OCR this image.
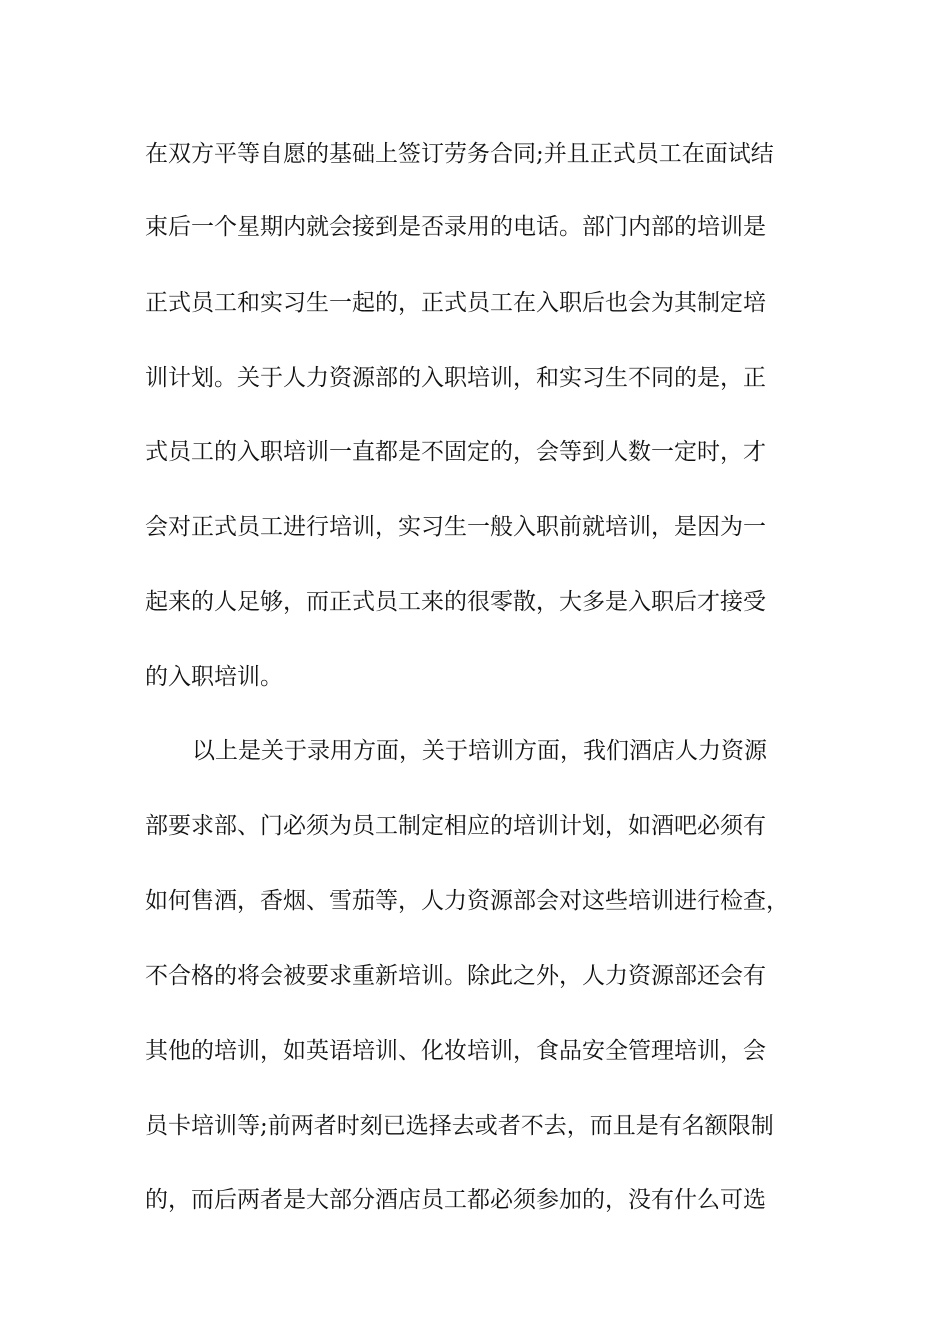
在双方平等自愿的基础上签订劳务合同;并且正式员工在面试结
束后一个星期内就会接到是否录用的电话。部门内部的培训是
正式员工和实习生一起的，正式员工在入职后也会为其制定培
训计划。关于人力资源部的入职培训，和实习生不同的是，正
式员工的入职培训一直都是不固定的，会等到人数一定时，才
会对正式员工进行培训，实习生一般入职前就培训，是因为一
起来的人足够，而正式员工来的很零散，大多是入职后才接受
的入职培训。
以上是关于录用方面，关于培训方面，我们酒店人力资源
部要求部、门必须为员工制定相应的培训计划，如酒吧必须有
如何售酒，香烟、雪茄等，人力资源部会对这些培训进行检查，
不合格的将会被要求重新培训。除此之外，人力资源部还会有
其他的培训，如英语培训、化妆培训，食品安全管理培训，会
员卡培训等;前两者时刻已选择去或者不去，而且是有名额限制
的，而后两者是大部分酒店员工都必须参加的，没有什么可选
